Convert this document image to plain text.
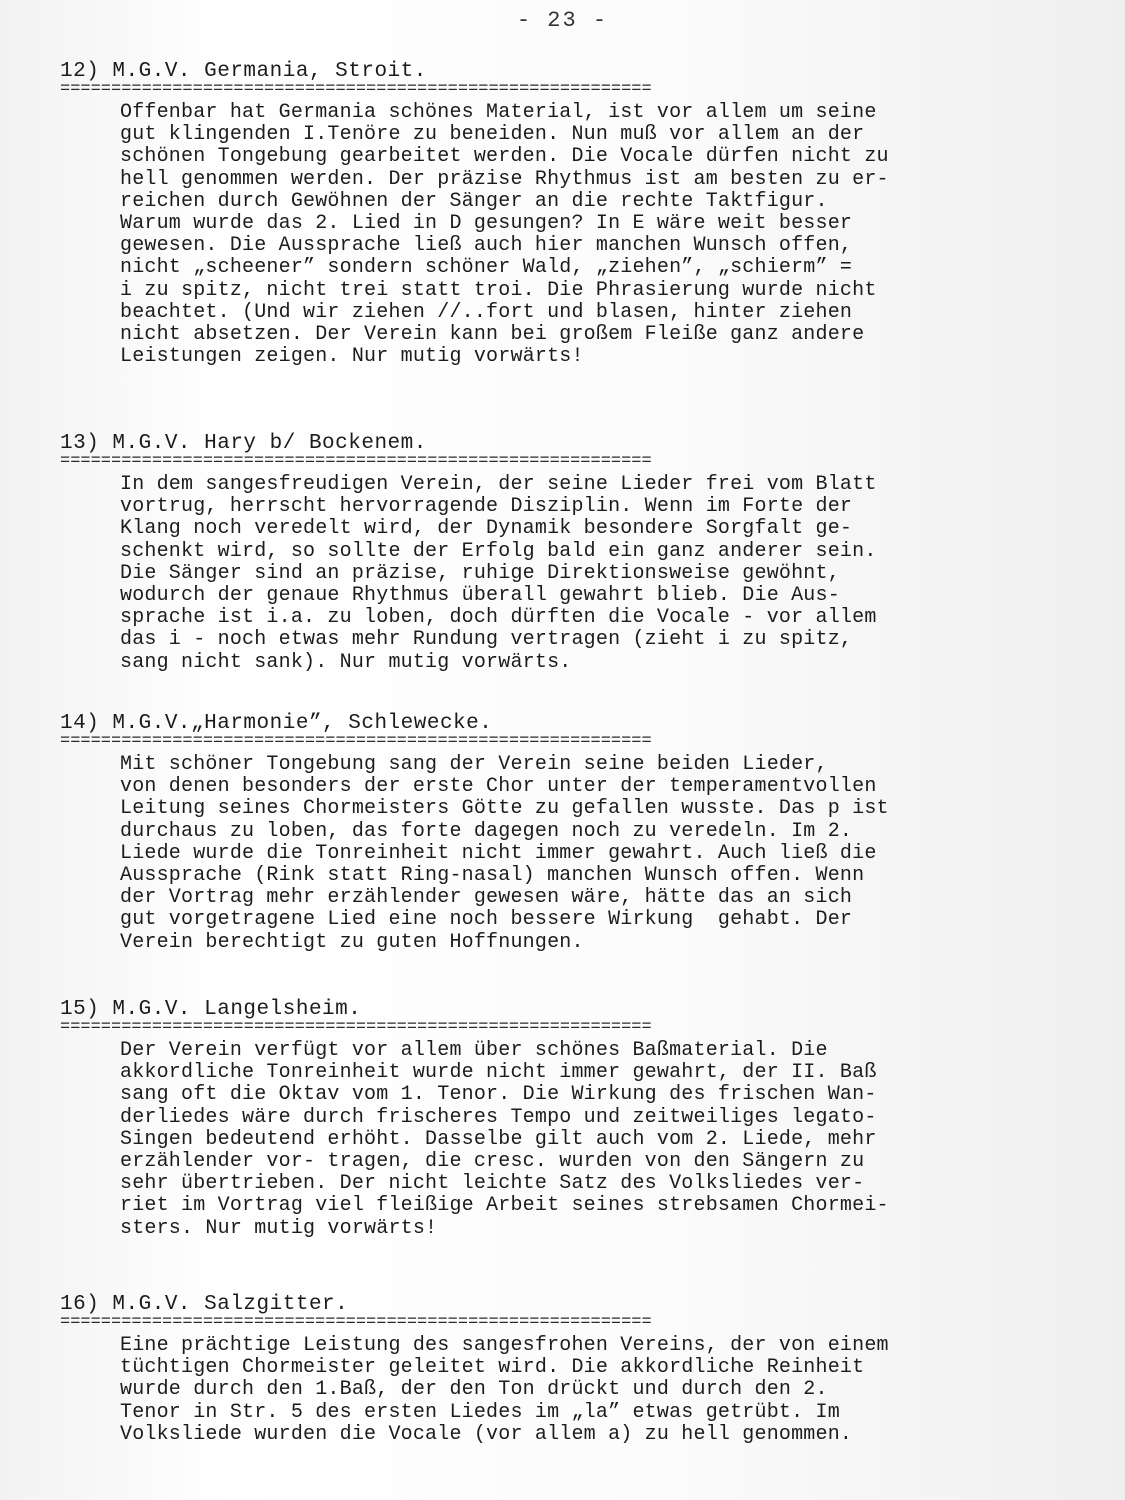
- 23 -
12) M.G.V. Germania, Stroit.
==========================================================
Offenbar hat Germania schönes Material, ist vor allem um seine
gut klingenden I.Tenöre zu beneiden. Nun muß vor allem an der
schönen Tongebung gearbeitet werden. Die Vocale dürfen nicht zu
hell genommen werden. Der präzise Rhythmus ist am besten zu er-
reichen durch Gewöhnen der Sänger an die rechte Taktfigur.
Warum wurde das 2. Lied in D gesungen? In E wäre weit besser
gewesen. Die Aussprache ließ auch hier manchen Wunsch offen,
nicht „scheener” sondern schöner Wald, „ziehen”, „schierm” =
i zu spitz, nicht trei statt troi. Die Phrasierung wurde nicht
beachtet. (Und wir ziehen //..fort und blasen, hinter ziehen
nicht absetzen. Der Verein kann bei großem Fleiße ganz andere
Leistungen zeigen. Nur mutig vorwärts!
13) M.G.V. Hary b/ Bockenem.
==========================================================
In dem sangesfreudigen Verein, der seine Lieder frei vom Blatt
vortrug, herrscht hervorragende Disziplin. Wenn im Forte der
Klang noch veredelt wird, der Dynamik besondere Sorgfalt ge-
schenkt wird, so sollte der Erfolg bald ein ganz anderer sein.
Die Sänger sind an präzise, ruhige Direktionsweise gewöhnt,
wodurch der genaue Rhythmus überall gewahrt blieb. Die Aus-
sprache ist i.a. zu loben, doch dürften die Vocale - vor allem
das i - noch etwas mehr Rundung vertragen (zieht i zu spitz,
sang nicht sank). Nur mutig vorwärts.
14) M.G.V.„Harmonie”, Schlewecke.
==========================================================
Mit schöner Tongebung sang der Verein seine beiden Lieder,
von denen besonders der erste Chor unter der temperamentvollen
Leitung seines Chormeisters Götte zu gefallen wusste. Das p ist
durchaus zu loben, das forte dagegen noch zu veredeln. Im 2.
Liede wurde die Tonreinheit nicht immer gewahrt. Auch ließ die
Aussprache (Rink statt Ring-nasal) manchen Wunsch offen. Wenn
der Vortrag mehr erzählender gewesen wäre, hätte das an sich
gut vorgetragene Lied eine noch bessere Wirkung  gehabt. Der
Verein berechtigt zu guten Hoffnungen.
15) M.G.V. Langelsheim.
==========================================================
Der Verein verfügt vor allem über schönes Baßmaterial. Die
akkordliche Tonreinheit wurde nicht immer gewahrt, der II. Baß
sang oft die Oktav vom 1. Tenor. Die Wirkung des frischen Wan-
derliedes wäre durch frischeres Tempo und zeitweiliges legato-
Singen bedeutend erhöht. Dasselbe gilt auch vom 2. Liede, mehr
erzählender vor- tragen, die cresc. wurden von den Sängern zu
sehr übertrieben. Der nicht leichte Satz des Volksliedes ver-
riet im Vortrag viel fleißige Arbeit seines strebsamen Chormei-
sters. Nur mutig vorwärts!
16) M.G.V. Salzgitter.
==========================================================
Eine prächtige Leistung des sangesfrohen Vereins, der von einem
tüchtigen Chormeister geleitet wird. Die akkordliche Reinheit
wurde durch den 1.Baß, der den Ton drückt und durch den 2.
Tenor in Str. 5 des ersten Liedes im „la” etwas getrübt. Im
Volksliede wurden die Vocale (vor allem a) zu hell genommen.
